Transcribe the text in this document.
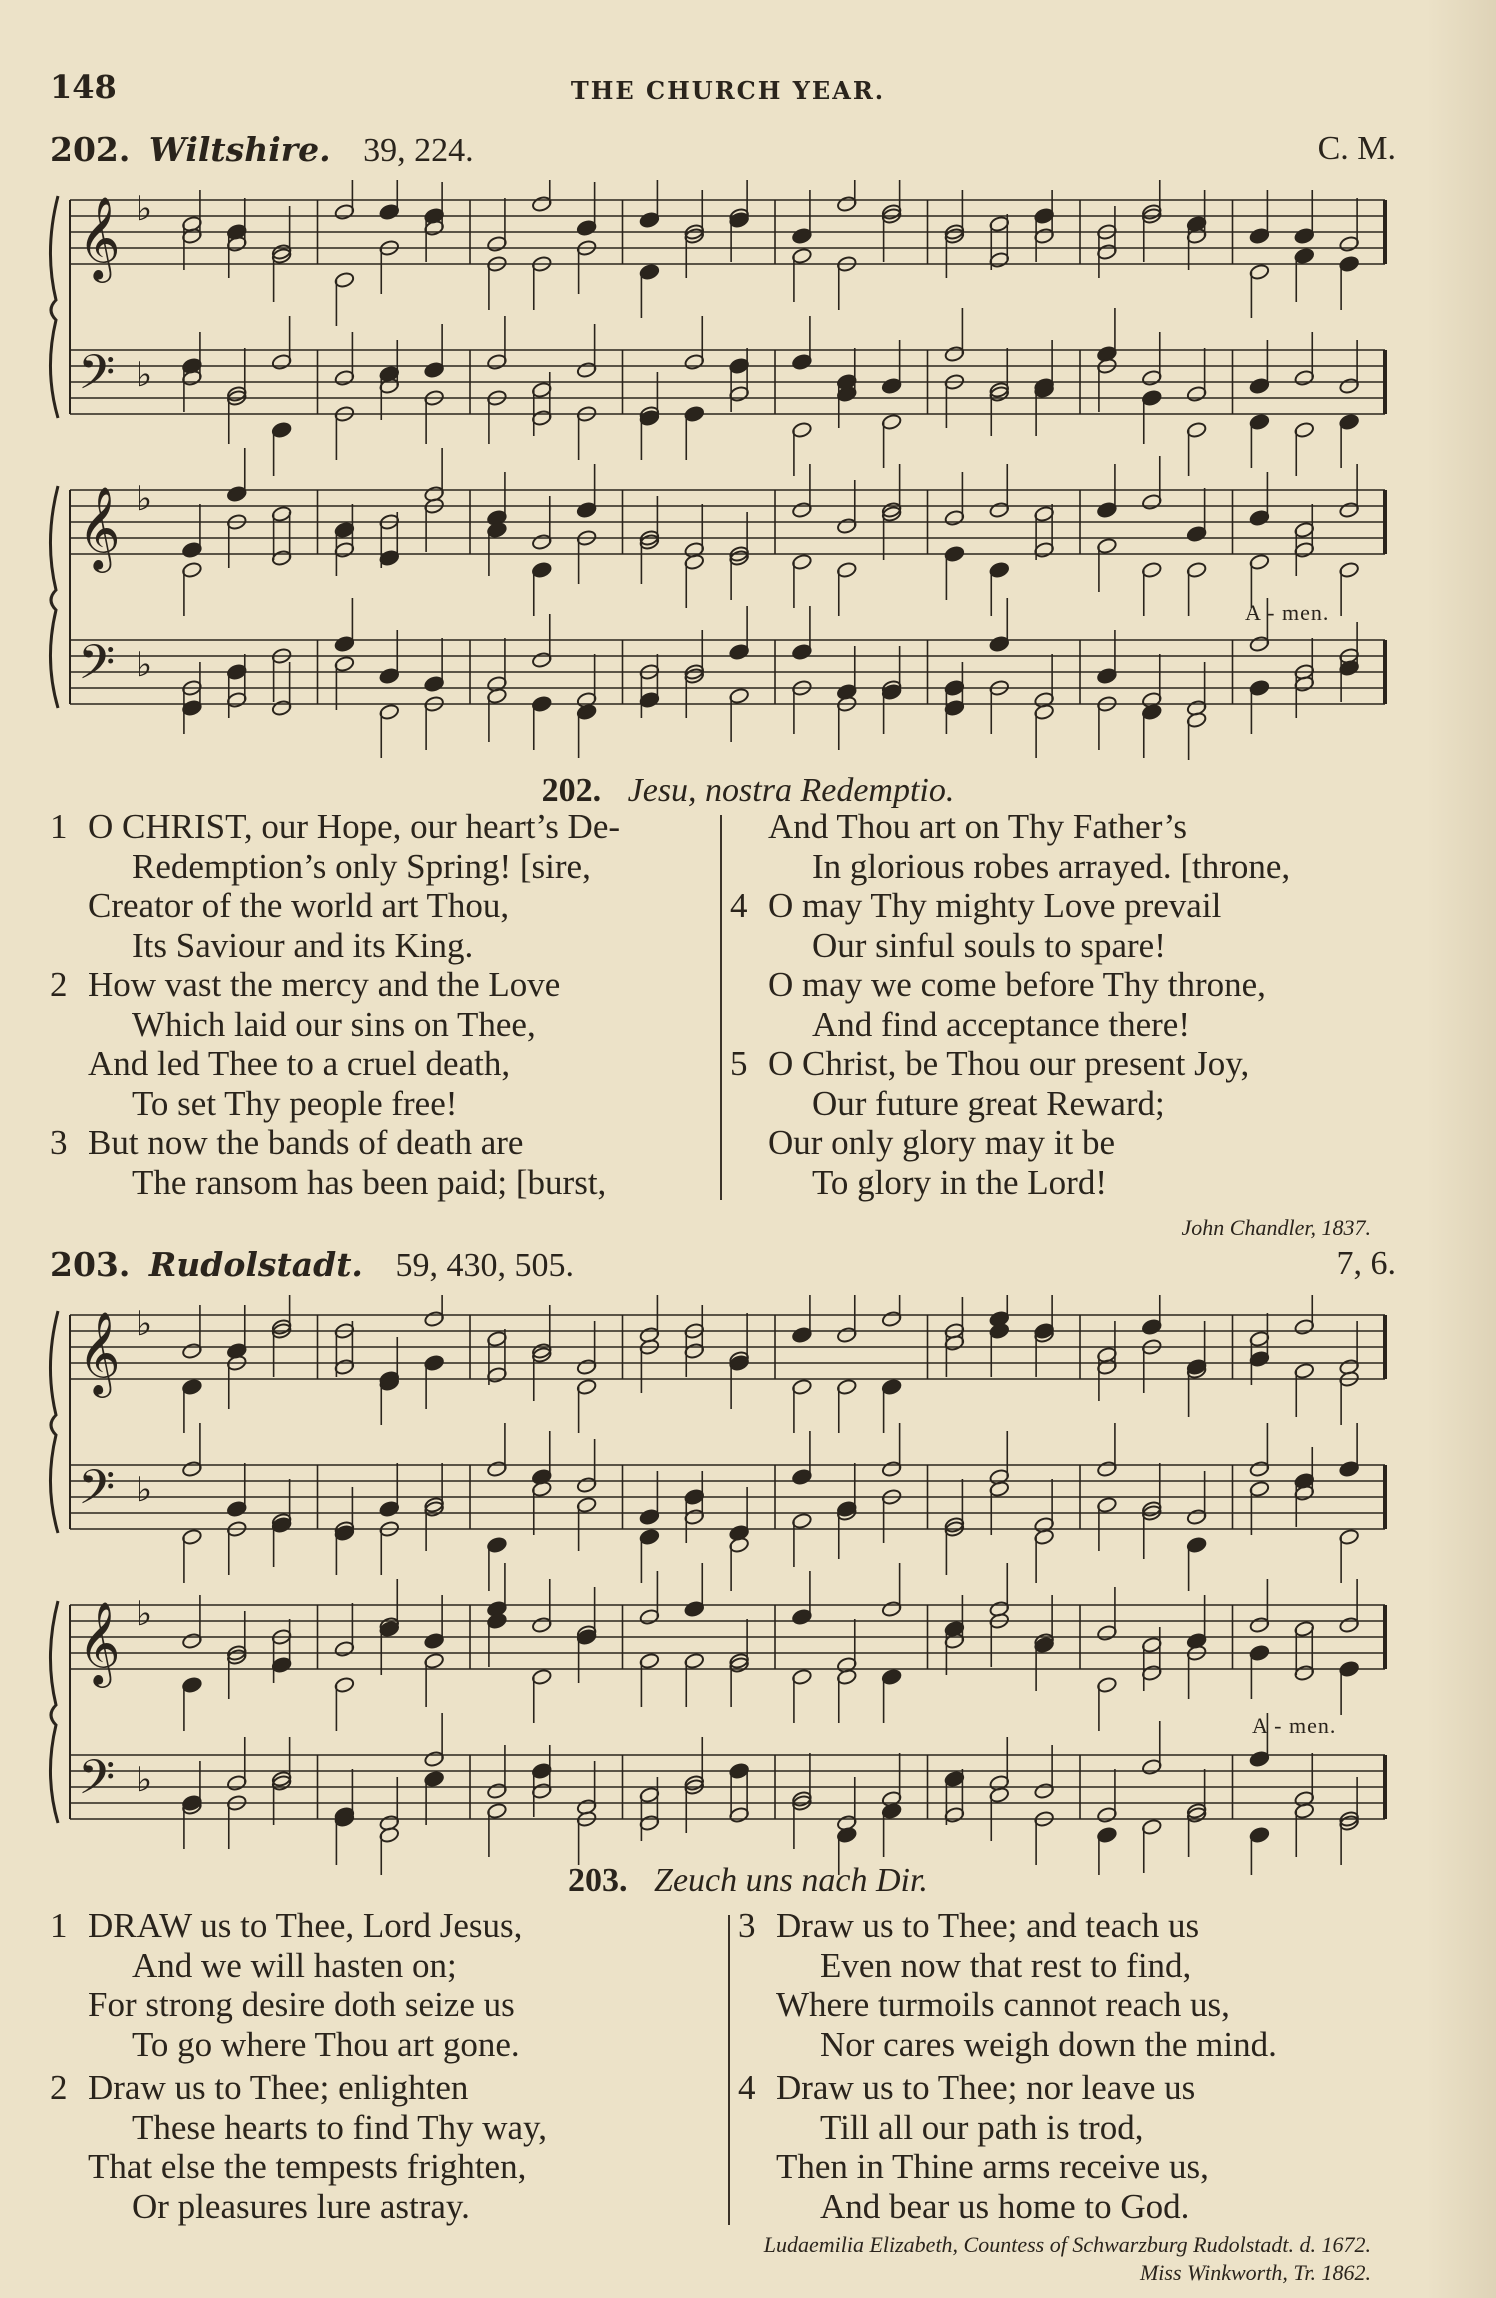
148	THE CHURCH YEAR.
202. Wiltshire. 39, 224.	C. M.
𝄞
𝄢
♭
♭
𝄞
𝄢
♭
♭
A - men.
202. Jesu, nostra Redemptio.
1 O CHRIST, our Hope, our heart’s De-
Redemption’s only Spring! [sire,
Creator of the world art Thou,
Its Saviour and its King.
2 How vast the mercy and the Love
Which laid our sins on Thee,
And led Thee to a cruel death,
To set Thy people free!
3 But now the bands of death are
The ransom has been paid; [burst,
And Thou art on Thy Father’s
In glorious robes arrayed. [throne,
4 O may Thy mighty Love prevail
Our sinful souls to spare!
O may we come before Thy throne,
And find acceptance there!
5 O Christ, be Thou our present Joy,
Our future great Reward;
Our only glory may it be
To glory in the Lord!
John Chandler, 1837.
203. Rudolstadt. 59, 430, 505.	7, 6.
𝄞
𝄢
♭
♭
𝄞
𝄢
♭
♭
A - men.
203. Zeuch uns nach Dir.
1 DRAW us to Thee, Lord Jesus,
And we will hasten on;
For strong desire doth seize us
To go where Thou art gone.
2 Draw us to Thee; enlighten
These hearts to find Thy way,
That else the tempests frighten,
Or pleasures lure astray.
3 Draw us to Thee; and teach us
Even now that rest to find,
Where turmoils cannot reach us,
Nor cares weigh down the mind.
4 Draw us to Thee; nor leave us
Till all our path is trod,
Then in Thine arms receive us,
And bear us home to God.
Ludaemilia Elizabeth, Countess of Schwarzburg Rudolstadt. d. 1672.
Miss Winkworth, Tr. 1862.
